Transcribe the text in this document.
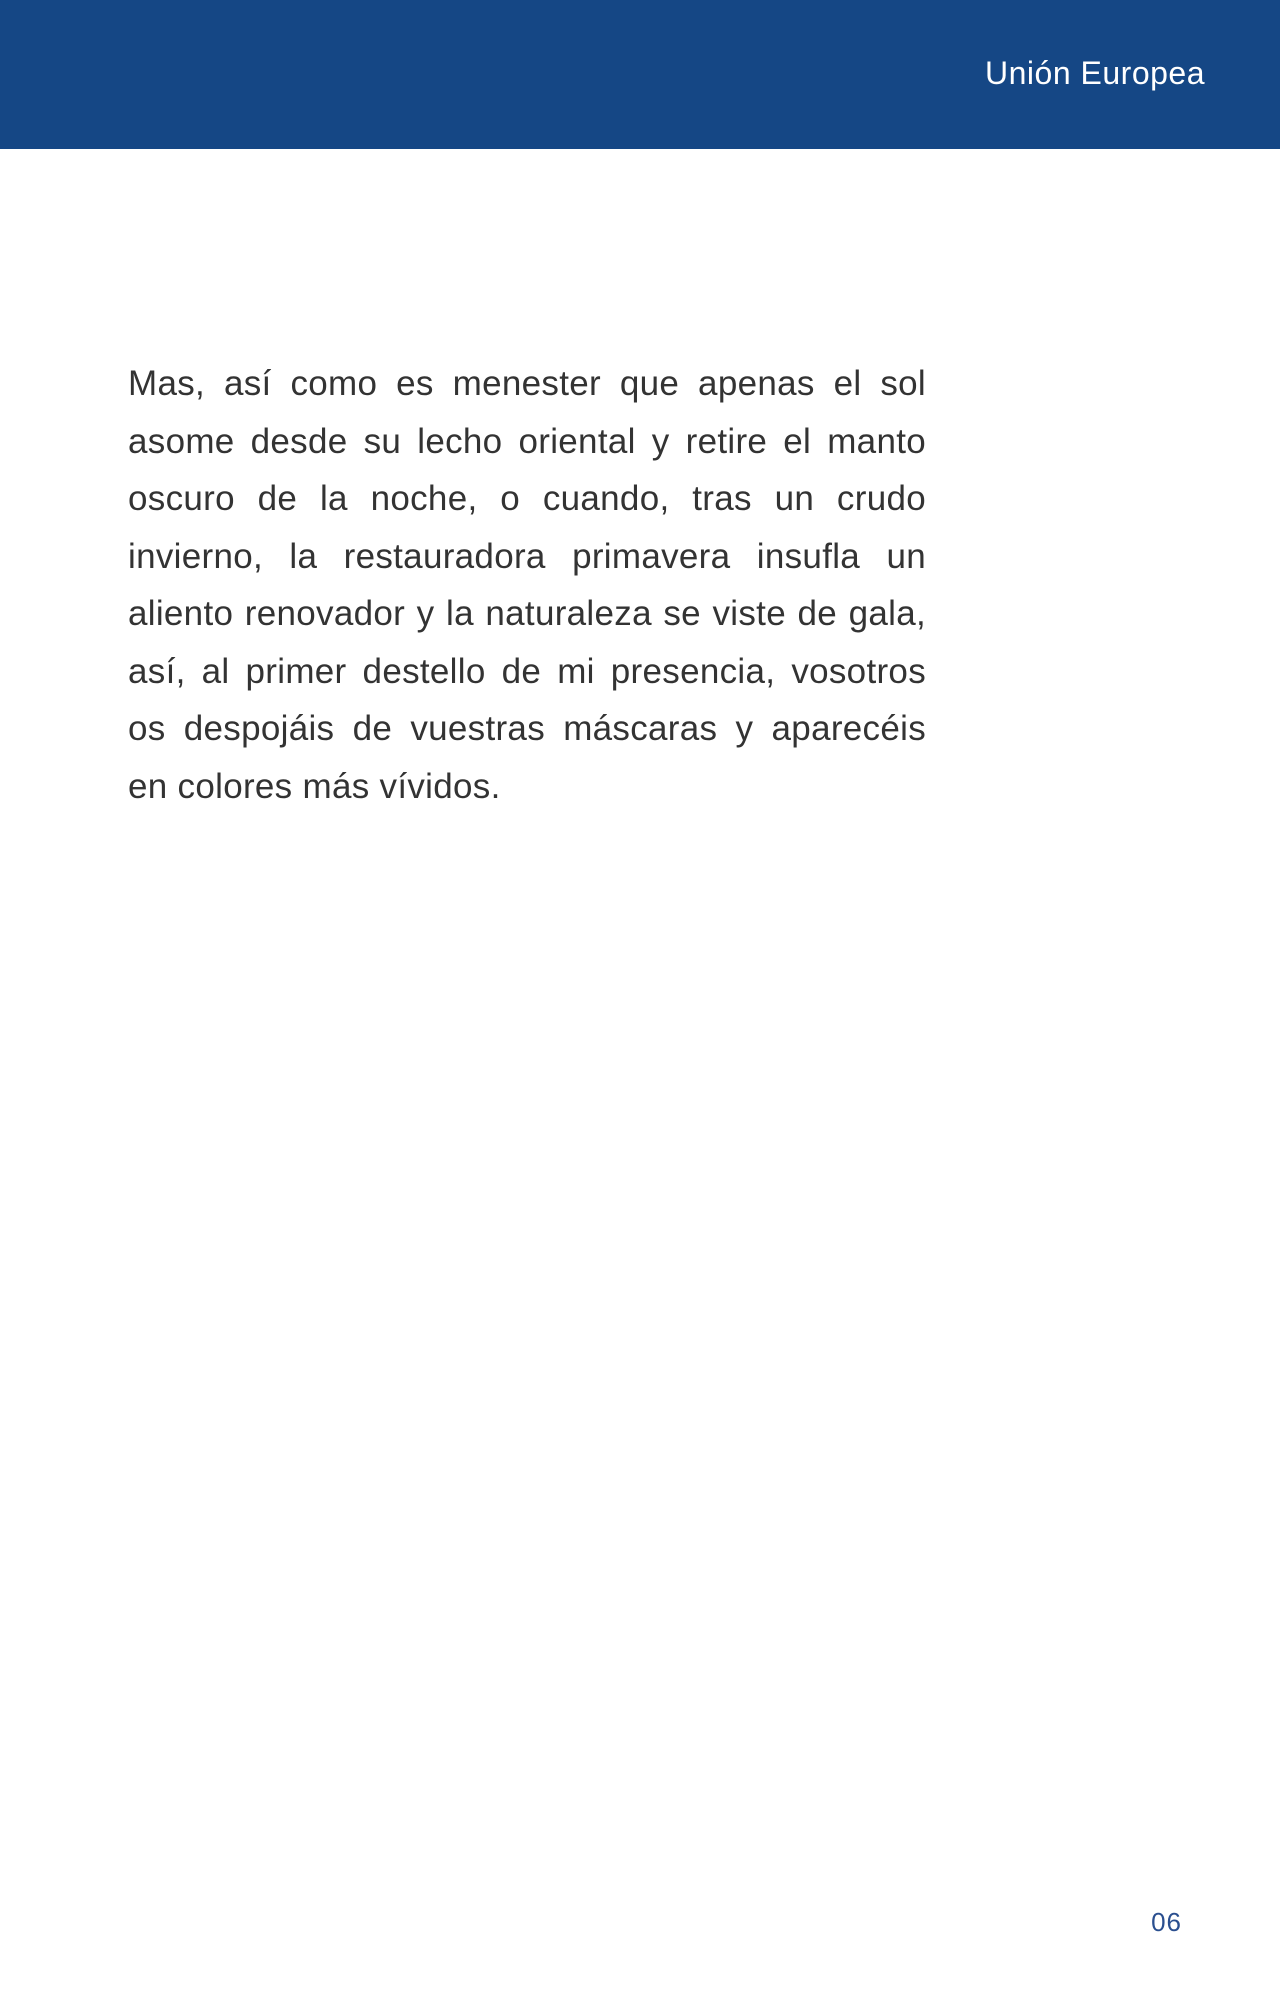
Unión Europea

Mas, así como es menester que apenas el sol asome desde su lecho oriental y retire el manto oscuro de la noche, o cuando, tras un crudo invierno, la restauradora primavera insufla un aliento renovador y la naturaleza se viste de gala, así, al primer destello de mi presencia, vosotros os despojáis de vuestras máscaras y aparecéis en colores más vívidos.

06
